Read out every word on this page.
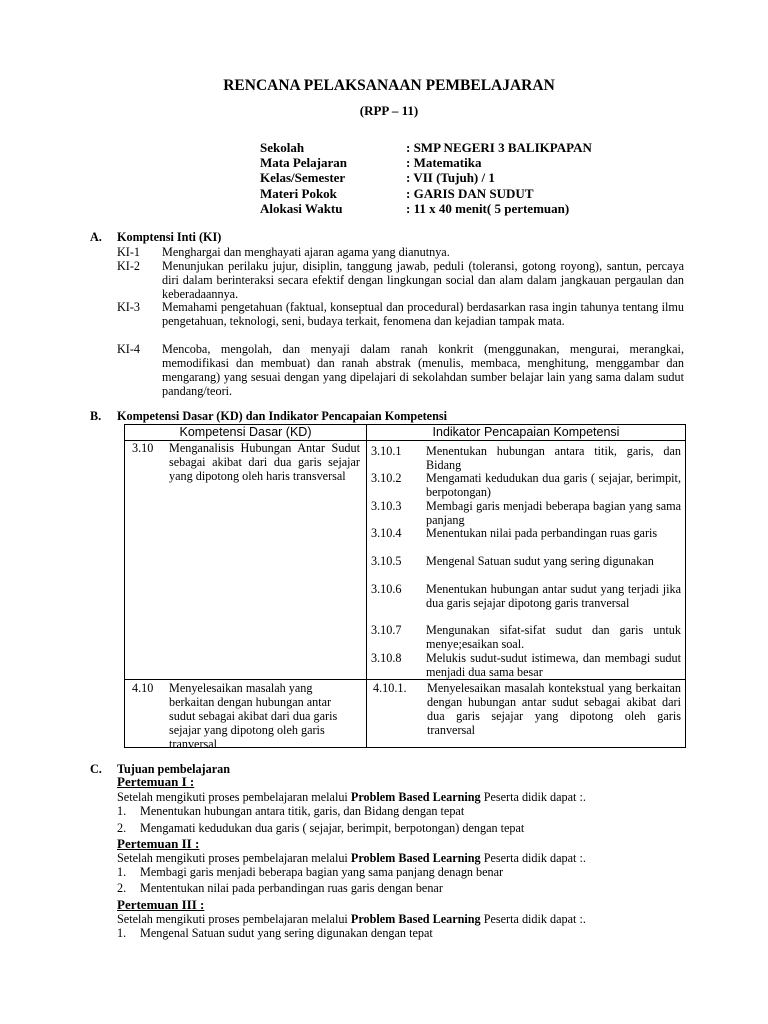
RENCANA PELAKSANAAN PEMBELAJARAN
(RPP – 11)
Sekolah	: SMP NEGERI 3 BALIKPAPAN
Mata Pelajaran	: Matematika
Kelas/Semester	: VII (Tujuh) / 1
Materi Pokok	: GARIS DAN SUDUT
Alokasi Waktu	: 11 x 40 menit( 5 pertemuan)
A. Komptensi Inti (KI)
KI-1 Menghargai dan menghayati ajaran agama yang dianutnya.
KI-2 Menunjukan perilaku jujur, disiplin, tanggung jawab, peduli (toleransi, gotong royong), santun, percaya diri dalam berinteraksi secara efektif dengan lingkungan social dan alam dalam jangkauan pergaulan dan keberadaannya.
KI-3 Memahami pengetahuan (faktual, konseptual dan procedural) berdasarkan rasa ingin tahunya tentang ilmu pengetahuan, teknologi, seni, budaya terkait, fenomena dan kejadian tampak mata.
KI-4 Mencoba, mengolah, dan menyaji dalam ranah konkrit (menggunakan, mengurai, merangkai, memodifikasi dan membuat) dan ranah abstrak (menulis, membaca, menghitung, menggambar dan mengarang) yang sesuai dengan yang dipelajari di sekolahdan sumber belajar lain yang sama dalam sudut pandang/teori.
B. Kompetensi Dasar (KD) dan Indikator Pencapaian Kompetensi
Kompetensi Dasar (KD)	Indikator Pencapaian Kompetensi
3.10 Menganalisis Hubungan Antar Sudut sebagai akibat dari dua garis sejajar yang dipotong oleh haris transversal
3.10.1 Menentukan hubungan antara titik, garis, dan Bidang
3.10.2 Mengamati kedudukan dua garis ( sejajar, berimpit, berpotongan)
3.10.3 Membagi garis menjadi beberapa bagian yang sama panjang
3.10.4 Menentukan nilai pada perbandingan ruas garis
3.10.5 Mengenal Satuan sudut yang sering digunakan
3.10.6 Menentukan hubungan antar sudut yang terjadi jika dua garis sejajar dipotong garis tranversal
3.10.7 Mengunakan sifat-sifat sudut dan garis untuk menye;esaikan soal.
3.10.8 Melukis sudut-sudut istimewa, dan membagi sudut menjadi dua sama besar
4.10 Menyelesaikan masalah yang berkaitan dengan hubungan antar sudut sebagai akibat dari dua garis sejajar yang dipotong oleh garis tranversal
4.10.1. Menyelesaikan masalah kontekstual yang berkaitan dengan hubungan antar sudut sebagai akibat dari dua garis sejajar yang dipotong oleh garis tranversal
C. Tujuan pembelajaran
Pertemuan I :
Setelah mengikuti proses pembelajaran melalui Problem Based Learning Peserta didik dapat :.
1. Menentukan hubungan antara titik, garis, dan Bidang dengan tepat
2. Mengamati kedudukan dua garis ( sejajar, berimpit, berpotongan) dengan tepat
Pertemuan II :
Setelah mengikuti proses pembelajaran melalui Problem Based Learning Peserta didik dapat :.
1. Membagi garis menjadi beberapa bagian yang sama panjang denagn benar
2. Mententukan nilai pada perbandingan ruas garis dengan benar
Pertemuan III :
Setelah mengikuti proses pembelajaran melalui Problem Based Learning Peserta didik dapat :.
1. Mengenal Satuan sudut yang sering digunakan dengan tepat
